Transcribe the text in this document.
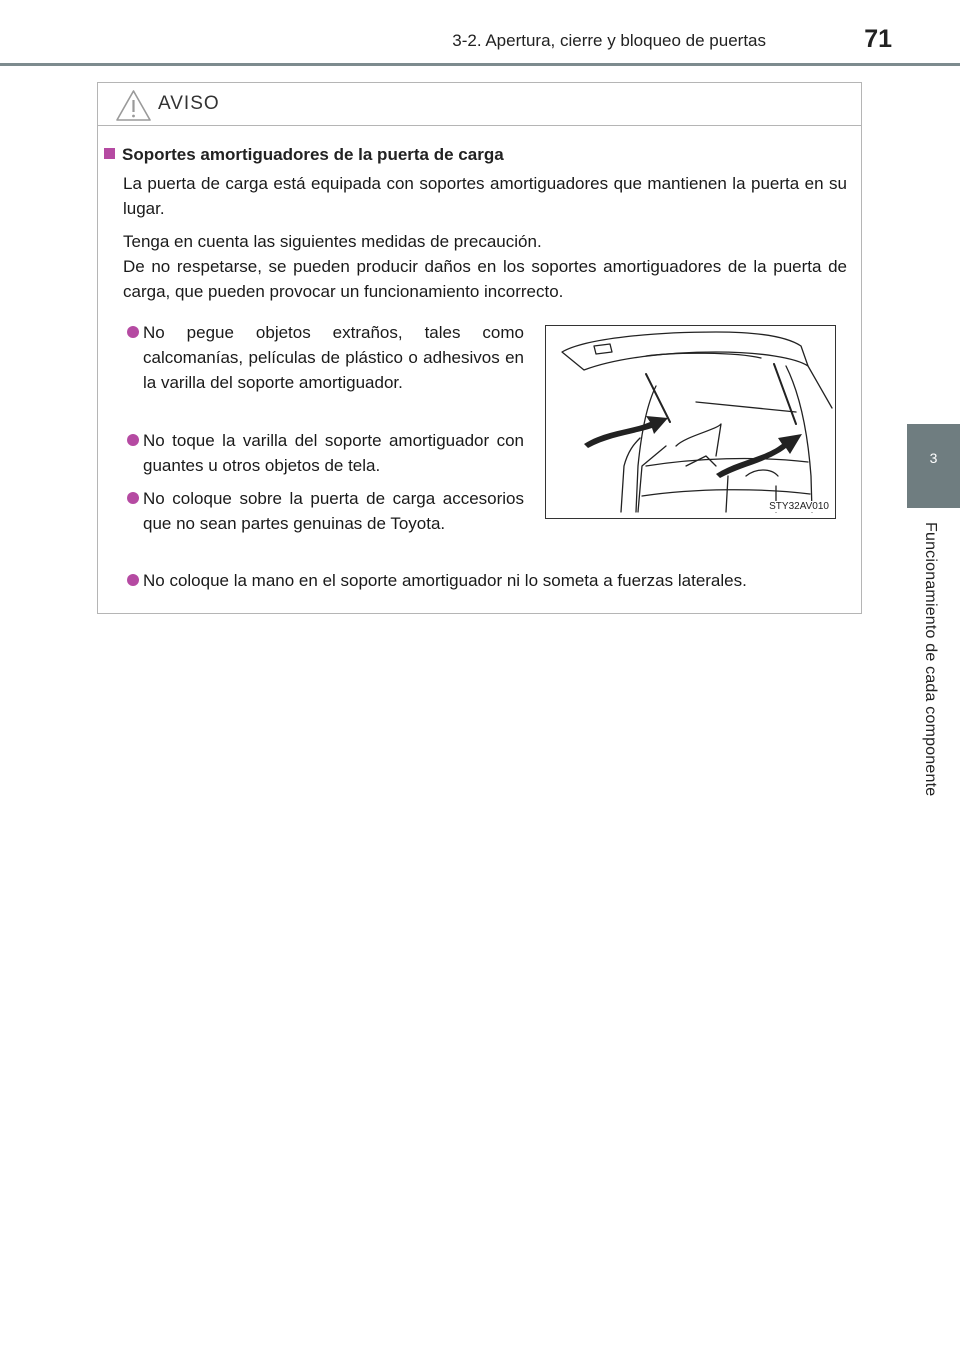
3-2. Apertura, cierre y bloqueo de puertas	71
3
Funcionamiento de cada componente
AVISO
Soportes amortiguadores de la puerta de carga

La puerta de carga está equipada con soportes amortiguadores que mantienen la puerta en su lugar.

Tenga en cuenta las siguientes medidas de precaución.

De no respetarse, se pueden producir daños en los soportes amortiguadores de la puerta de carga, que pueden provocar un funcionamiento incorrecto.

No pegue objetos extraños, tales como calcomanías, películas de plástico o adhesivos en la varilla del soporte amortiguador.
No toque la varilla del soporte amortiguador con guantes u otros objetos de tela.
No coloque sobre la puerta de carga accesorios que no sean partes genuinas de Toyota.
No coloque la mano en el soporte amortiguador ni lo someta a fuerzas laterales.
STY32AV010
